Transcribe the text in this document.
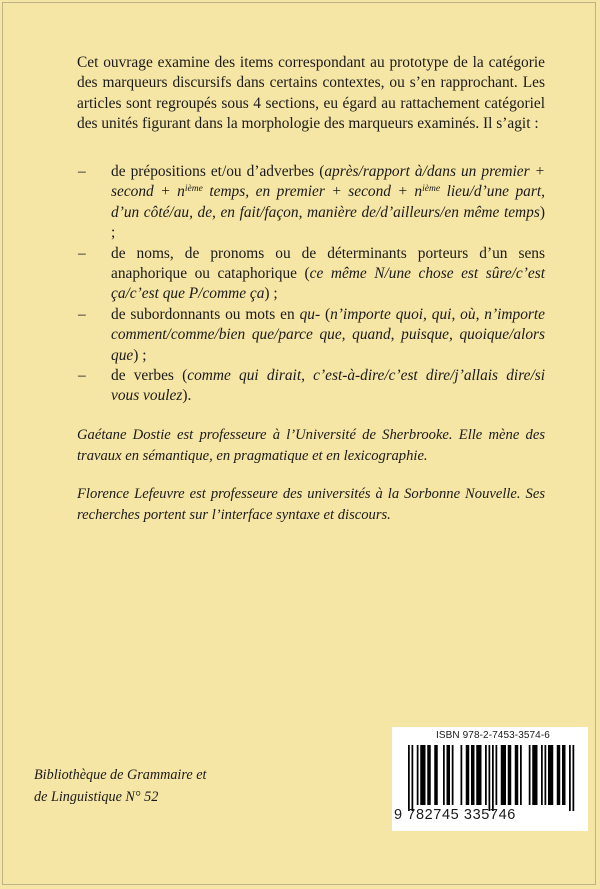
Cet ouvrage examine des items correspondant au prototype de la catégorie des marqueurs discursifs dans certains contextes, ou s’en rapprochant. Les articles sont regroupés sous 4 sections, eu égard au rattachement catégoriel des unités figurant dans la morphologie des marqueurs examinés. Il s’agit :

– de prépositions et/ou d’adverbes (après/rapport à/dans un premier + second + $n^{ième}$ temps, en premier + second + $n^{ième}$ lieu/d’une part, d’un côté/au, de, en fait/façon, manière de/d’ailleurs/en même temps) ;
– de noms, de pronoms ou de déterminants porteurs d’un sens anaphorique ou cataphorique (ce même N/une chose est sûre/c’est ça/c’est que P/comme ça) ;
– de subordonnants ou mots en qu- (n’importe quoi, qui, où, n’importe comment/comme/bien que/parce que, quand, puisque, quoique/alors que) ;
– de verbes (comme qui dirait, c’est-à-dire/c’est dire/j’allais dire/si vous voulez).

Gaétane Dostie est professeure à l’Université de Sherbrooke. Elle mène des travaux en sémantique, en pragmatique et en lexicographie.

Florence Lefeuvre est professeure des universités à la Sorbonne Nouvelle. Ses recherches portent sur l’interface syntaxe et discours.

Bibliothèque de Grammaire et
de Linguistique N° 52
ISBN 978-2-7453-3574-6
9 782745 335746
